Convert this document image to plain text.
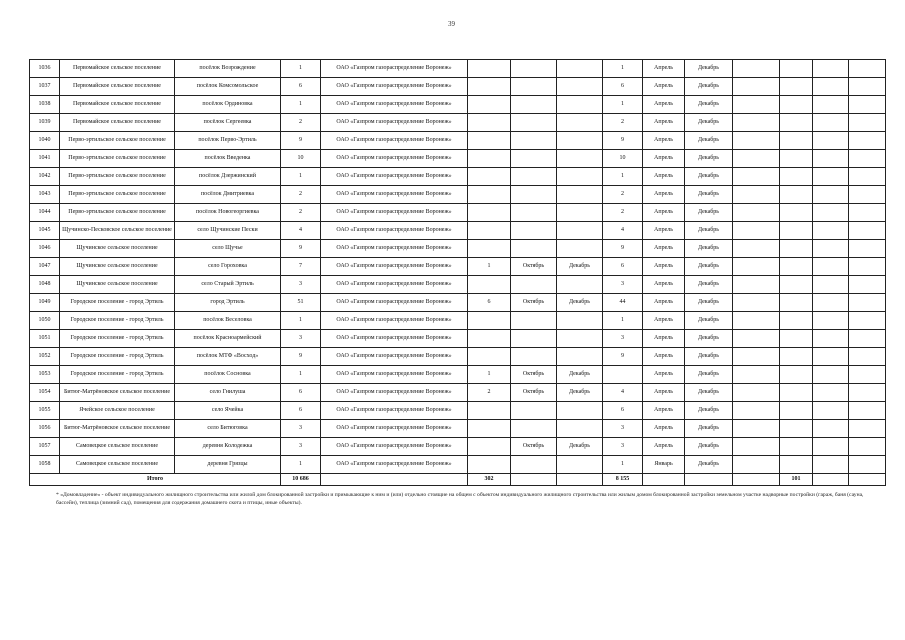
39
1036	Первомайское сельское поселение	посёлок Возрождение	1	ОАО «Газпром газораспределение Воронеж»				1	Апрель	Декабрь				
1037	Первомайское сельское поселение	посёлок Комсомольское	6	ОАО «Газпром газораспределение Воронеж»				6	Апрель	Декабрь				
1038	Первомайское сельское поселение	посёлок Ординовка	1	ОАО «Газпром газораспределение Воронеж»				1	Апрель	Декабрь				
1039	Первомайское сельское поселение	посёлок Сергеевка	2	ОАО «Газпром газораспределение Воронеж»				2	Апрель	Декабрь				
1040	Перво-эртильское сельское поселение	посёлок Перво-Эртиль	9	ОАО «Газпром газораспределение Воронеж»				9	Апрель	Декабрь				
1041	Перво-эртильское сельское поселение	посёлок Введенка	10	ОАО «Газпром газораспределение Воронеж»				10	Апрель	Декабрь				
1042	Перво-эртильское сельское поселение	посёлок Дзержинский	1	ОАО «Газпром газораспределение Воронеж»				1	Апрель	Декабрь				
1043	Перво-эртильское сельское поселение	посёлок Дмитриевка	2	ОАО «Газпром газораспределение Воронеж»				2	Апрель	Декабрь				
1044	Перво-эртильское сельское поселение	посёлок Новогеоргиевка	2	ОАО «Газпром газораспределение Воронеж»				2	Апрель	Декабрь				
1045	Щучинско-Песковское сельское поселение	село Щучинские Пески	4	ОАО «Газпром газораспределение Воронеж»				4	Апрель	Декабрь				
1046	Щучинское сельское поселение	село Щучье	9	ОАО «Газпром газораспределение Воронеж»				9	Апрель	Декабрь				
1047	Щучинское сельское поселение	село Гороховка	7	ОАО «Газпром газораспределение Воронеж»	1	Октябрь	Декабрь	6	Апрель	Декабрь				
1048	Щучинское сельское поселение	село Старый Эртиль	3	ОАО «Газпром газораспределение Воронеж»				3	Апрель	Декабрь				
1049	Городское поселение - город Эртиль	город Эртиль	51	ОАО «Газпром газораспределение Воронеж»	6	Октябрь	Декабрь	44	Апрель	Декабрь				
1050	Городское поселение - город Эртиль	посёлок Веселовка	1	ОАО «Газпром газораспределение Воронеж»				1	Апрель	Декабрь				
1051	Городское поселение - город Эртиль	посёлок Красноармейский	3	ОАО «Газпром газораспределение Воронеж»				3	Апрель	Декабрь				
1052	Городское поселение - город Эртиль	посёлок МТФ «Восход»	9	ОАО «Газпром газораспределение Воронеж»				9	Апрель	Декабрь				
1053	Городское поселение - город Эртиль	посёлок Сосновка	1	ОАО «Газпром газораспределение Воронеж»	1	Октябрь	Декабрь		Апрель	Декабрь				
1054	Битюг-Матрёновское сельское поселение	село Гнилуша	6	ОАО «Газпром газораспределение Воронеж»	2	Октябрь	Декабрь	4	Апрель	Декабрь				
1055	Ячейское сельское поселение	село Ячейка	6	ОАО «Газпром газораспределение Воронеж»				6	Апрель	Декабрь				
1056	Битюг-Матрёновское сельское поселение	село Битюговка	3	ОАО «Газпром газораспределение Воронеж»				3	Апрель	Декабрь				
1057	Самовецкое сельское поселение	деревня Колодежка	3	ОАО «Газпром газораспределение Воронеж»		Октябрь	Декабрь	3	Апрель	Декабрь				
1058	Самовецкое сельское поселение	деревня Грязцы	1	ОАО «Газпром газораспределение Воронеж»				1	Январь	Декабрь				
Итого			10 686		302			8 155				101		
* «Домовладение» - объект индивидуального жилищного строительства или жилой дом блокированной застройки и примыкающие к ним и (или) отдельно стоящие на общем с объектом индивидуального жилищного строительства или жилым домом блокированной застройки земельном участке надворные постройки (гараж, баня (сауна, бассейн), теплица (зимний сад), помещения для содержания домашнего скота и птицы, иные объекты).
